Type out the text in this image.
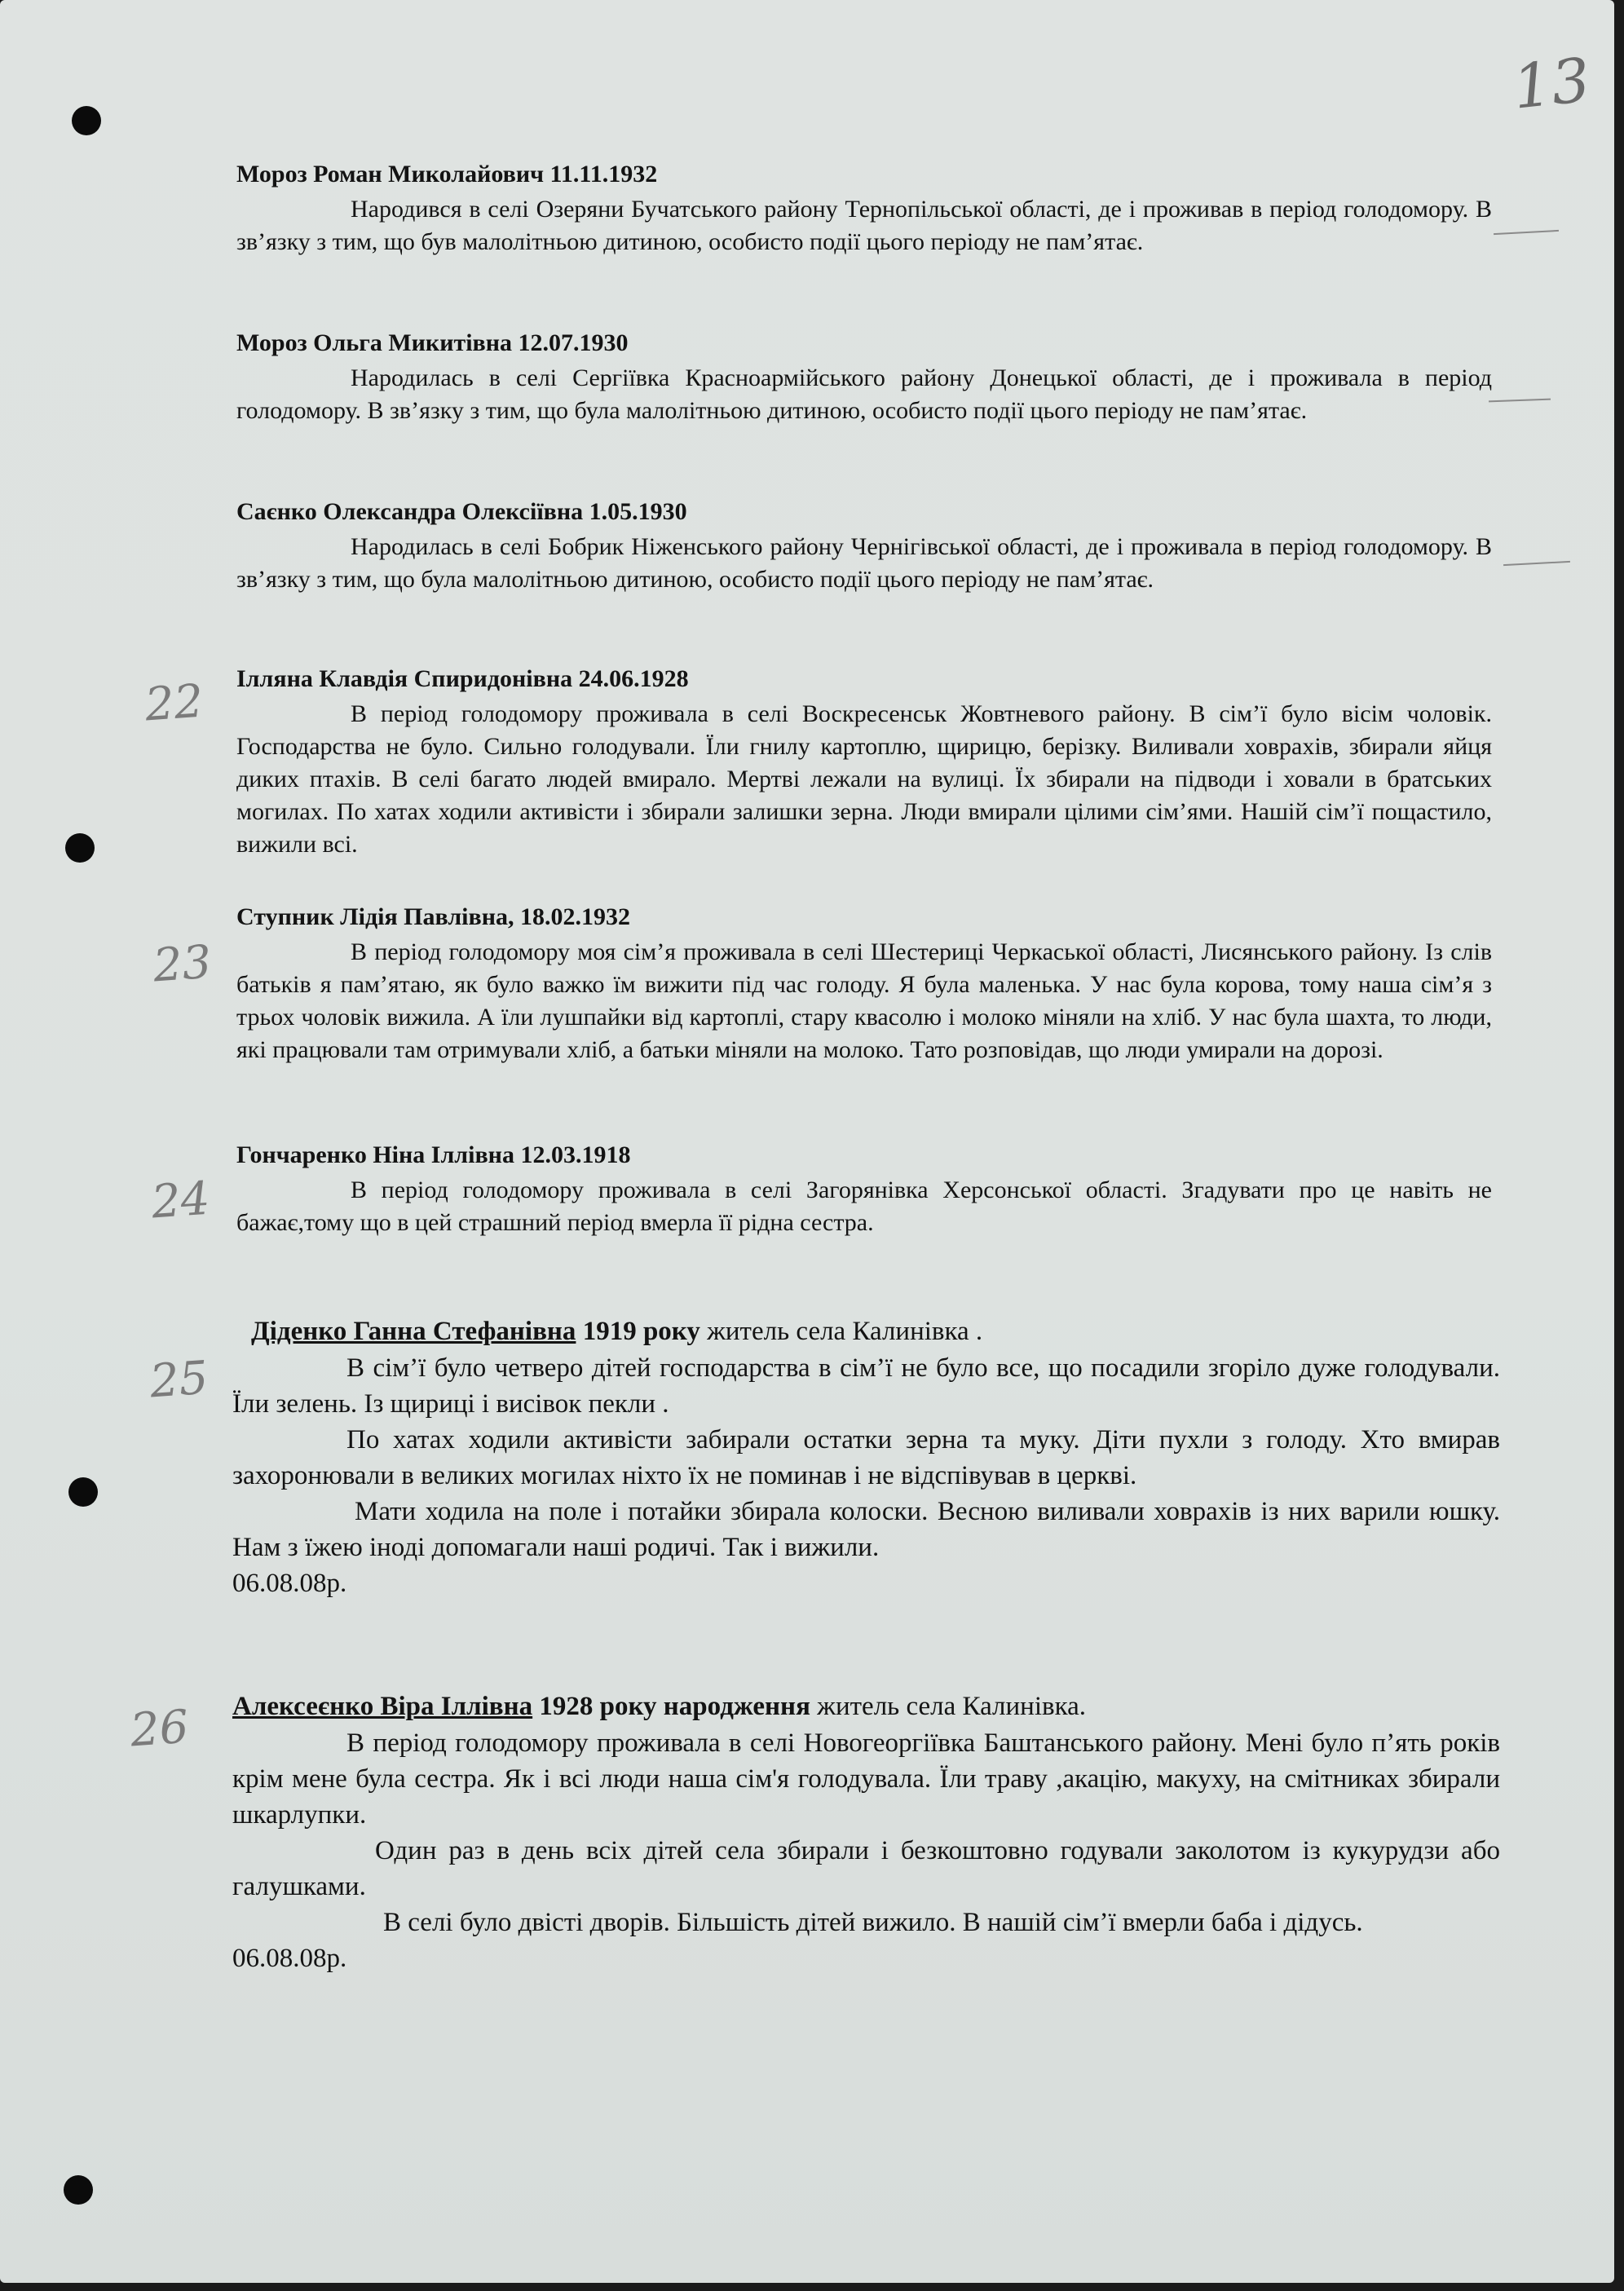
13
22
23
24
25
26
Мороз Роман Миколайович 11.11.1932

Народився в селі Озеряни Бучатського району Тернопільської області, де і проживав в період голодомору. В зв’язку з тим, що був малолітньою дитиною, особисто події цього періоду не пам’ятає.

Мороз Ольга Микитівна 12.07.1930

Народилась в селі Сергіївка Красноармійського району Донецької області, де і проживала в період голодомору. В зв’язку з тим, що була малолітньою дитиною, особисто події цього періоду не пам’ятає.

Саєнко Олександра Олексіївна 1.05.1930

Народилась в селі Бобрик Ніженського району Чернігівської області, де і проживала в період голодомору. В зв’язку з тим, що була малолітньою дитиною, особисто події цього періоду не пам’ятає.

Ілляна Клавдія Спиридонівна 24.06.1928

В період голодомору проживала в селі Воскресенськ Жовтневого району. В сім’ї було вісім чоловік. Господарства не було. Сильно голодували. Їли гнилу картоплю, щирицю, берізку. Виливали ховрахів, збирали яйця диких птахів. В селі багато людей вмирало. Мертві лежали на вулиці. Їх збирали на підводи і ховали в братських могилах. По хатах ходили активісти і збирали залишки зерна. Люди вмирали цілими сім’ями. Нашій сім’ї пощастило, вижили всі.

Ступник Лідія Павлівна, 18.02.1932

В період голодомору моя сім’я проживала в селі Шестериці Черкаської області, Лисянського району. Із слів батьків я пам’ятаю, як було важко їм вижити під час голоду. Я була маленька. У нас була корова, тому наша сім’я з трьох чоловік вижила. А їли лушпайки від картоплі, стару квасолю і молоко міняли на хліб. У нас була шахта, то люди, які працювали там отримували хліб, а батьки міняли на молоко. Тато розповідав, що люди умирали на дорозі.

Гончаренко Ніна Іллівна 12.03.1918

В період голодомору проживала в селі Загорянівка Херсонської області. Згадувати про це навіть не бажає,тому що в цей страшний період вмерла її рідна сестра.

Діденко Ганна Стефанівна 1919 року житель села Калинівка .

В сім’ї було четверо дітей господарства в сім’ї не було все, що посадили згоріло дуже голодували. Їли зелень. Із щириці і висівок пекли .

По хатах ходили активісти забирали остатки зерна та муку. Діти пухли з голоду. Хто вмирав захоронювали в великих могилах ніхто їх не поминав і не відспівував в церкві.

Мати ходила на поле і потайки збирала колоски. Весною виливали ховрахів із них варили юшку. Нам з їжею іноді допомагали наші родичі. Так і вижили.

06.08.08р.
Алексеєнко Віра Іллівна 1928 року народження житель села Калинівка.

В період голодомору проживала в селі Новогеоргіївка Баштанського району. Мені було п’ять років крім мене була сестра. Як і всі люди наша сім'я голодувала. Їли траву ,акацію, макуху, на смітниках збирали шкарлупки.

Один раз в день всіх дітей села збирали і безкоштовно годували заколотом із кукурудзи або галушками.

В селі було двісті дворів. Більшість дітей вижило. В нашій сім’ї вмерли баба і дідусь.

06.08.08р.
